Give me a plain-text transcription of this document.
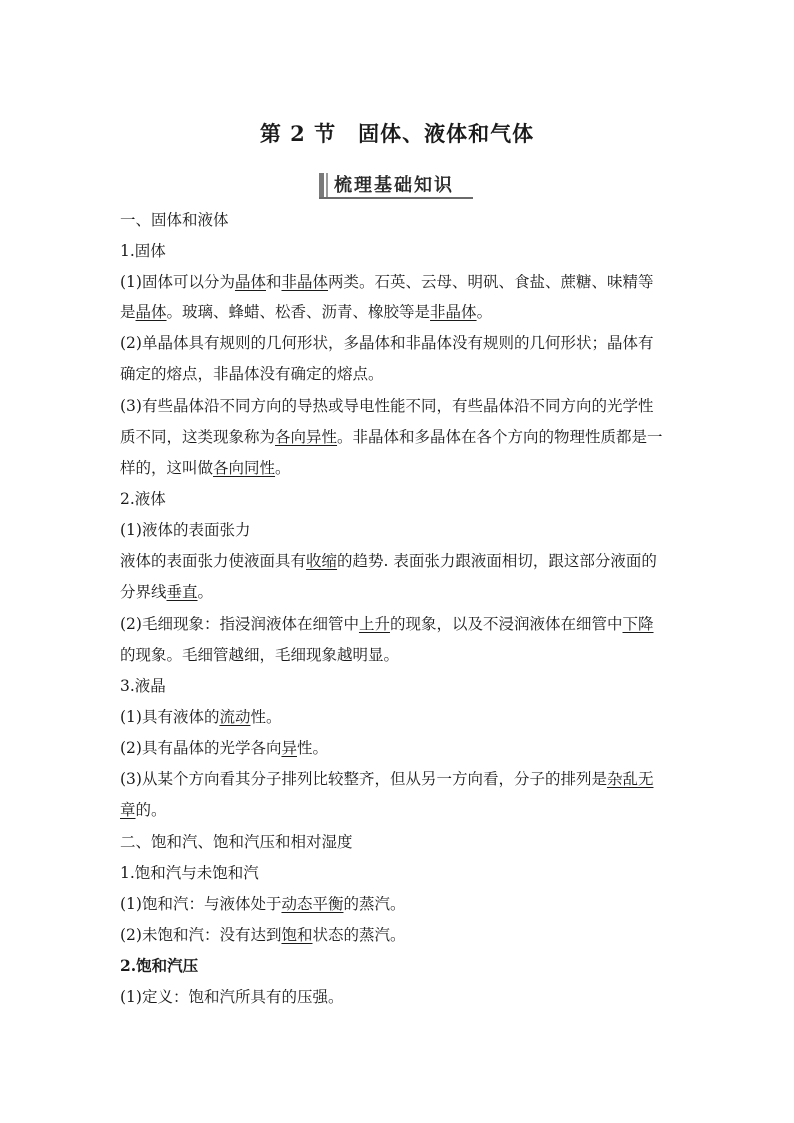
第 2 节　固体、液体和气体
梳理基础知识
一、固体和液体
1.固体
(1)固体可以分为晶体和非晶体两类。石英、云母、明矾、食盐、蔗糖、味精等
是晶体。玻璃、蜂蜡、松香、沥青、橡胶等是非晶体。
(2)单晶体具有规则的几何形状，多晶体和非晶体没有规则的几何形状；晶体有
确定的熔点，非晶体没有确定的熔点。
(3)有些晶体沿不同方向的导热或导电性能不同，有些晶体沿不同方向的光学性
质不同，这类现象称为各向异性。非晶体和多晶体在各个方向的物理性质都是一
样的，这叫做各向同性。
2.液体
(1)液体的表面张力
液体的表面张力使液面具有收缩的趋势. 表面张力跟液面相切，跟这部分液面的
分界线垂直。
(2)毛细现象：指浸润液体在细管中上升的现象，以及不浸润液体在细管中下降
的现象。毛细管越细，毛细现象越明显。
3.液晶
(1)具有液体的流动性。
(2)具有晶体的光学各向异性。
(3)从某个方向看其分子排列比较整齐，但从另一方向看，分子的排列是杂乱无
章的。
二、饱和汽、饱和汽压和相对湿度
1.饱和汽与未饱和汽
(1)饱和汽：与液体处于动态平衡的蒸汽。
(2)未饱和汽：没有达到饱和状态的蒸汽。
2.饱和汽压
(1)定义：饱和汽所具有的压强。
